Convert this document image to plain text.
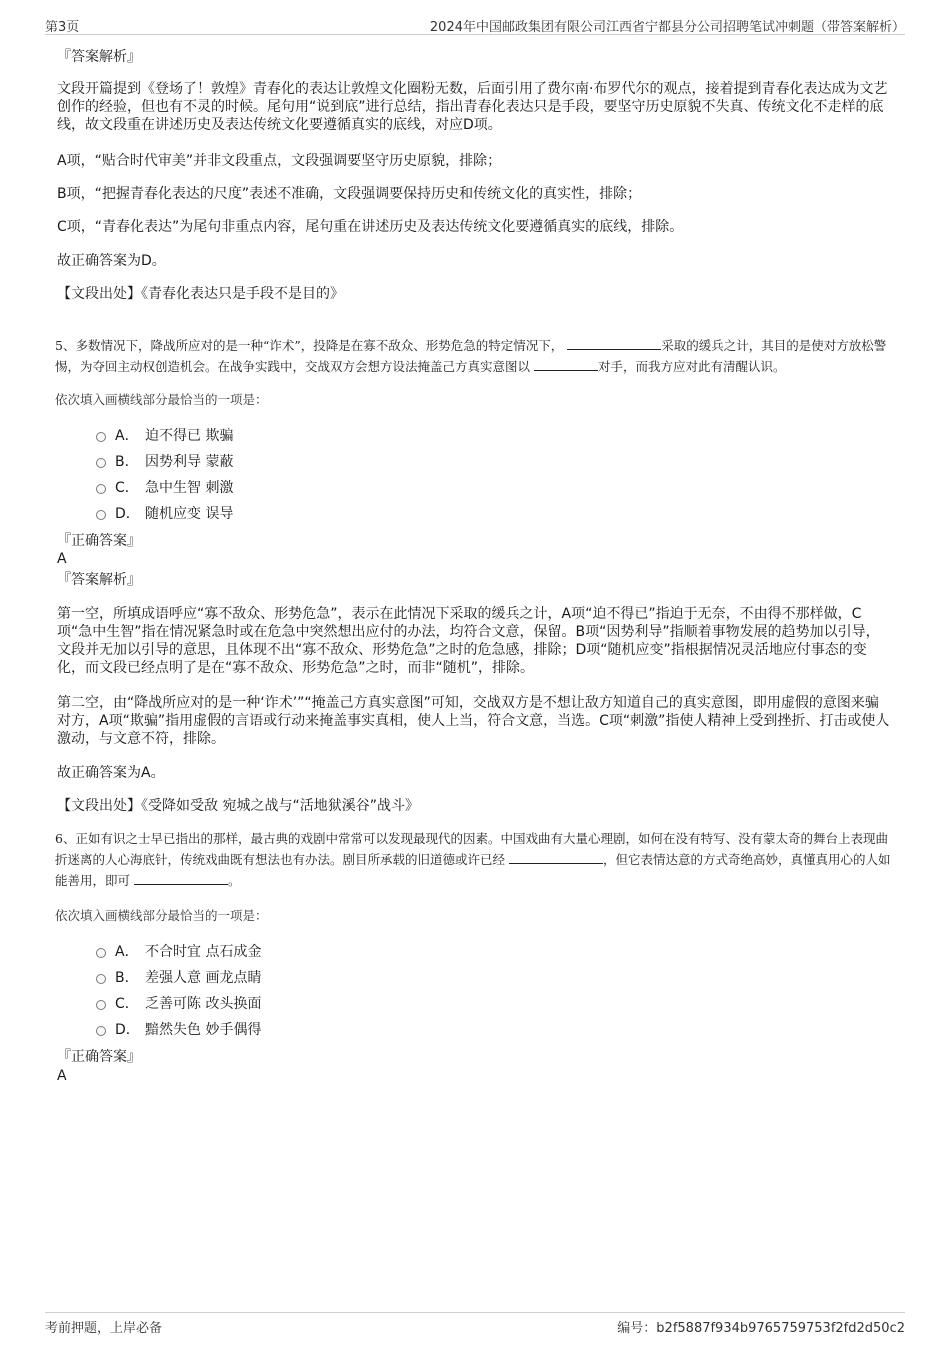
第3页	2024年中国邮政集团有限公司江西省宁都县分公司招聘笔试冲刺题（带答案解析）
『答案解析』
文段开篇提到《登场了！敦煌》青春化的表达让敦煌文化圈粉无数，后面引用了费尔南·布罗代尔的观点，接着提到青春化表达成为文艺创作的经验，但也有不灵的时候。尾句用“说到底”进行总结，指出青春化表达只是手段，要坚守历史原貌不失真、传统文化不走样的底线，故文段重在讲述历史及表达传统文化要遵循真实的底线，对应D项。
A项，“贴合时代审美”并非文段重点，文段强调要坚守历史原貌，排除；
B项，“把握青春化表达的尺度”表述不准确，文段强调要保持历史和传统文化的真实性，排除；
C项，“青春化表达”为尾句非重点内容，尾句重在讲述历史及表达传统文化要遵循真实的底线，排除。
故正确答案为D。
【文段出处】《青春化表达只是手段不是目的》
5、多数情况下，降战所应对的是一种“诈术”，投降是在寡不敌众、形势危急的特定情况下，	采取的缓兵之计，其目的是使对方放松警惕，为夺回主动权创造机会。在战争实践中，交战双方会想方设法掩盖己方真实意图以	对手，而我方应对此有清醒认识。
依次填入画横线部分最恰当的一项是：
A． 迫不得已 欺骗
B． 因势利导 蒙蔽
C． 急中生智 刺激
D． 随机应变 误导
『正确答案』
A
『答案解析』
第一空，所填成语呼应“寡不敌众、形势危急”，表示在此情况下采取的缓兵之计，A项“迫不得已”指迫于无奈，不由得不那样做，C项“急中生智”指在情况紧急时或在危急中突然想出应付的办法，均符合文意，保留。B项“因势利导”指顺着事物发展的趋势加以引导，文段并无加以引导的意思，且体现不出“寡不敌众、形势危急”之时的危急感，排除；D项“随机应变”指根据情况灵活地应付事态的变化，而文段已经点明了是在“寡不敌众、形势危急”之时，而非“随机”，排除。
第二空，由“降战所应对的是一种‘诈术’”“掩盖己方真实意图”可知，交战双方是不想让敌方知道自己的真实意图，即用虚假的意图来骗对方，A项“欺骗”指用虚假的言语或行动来掩盖事实真相，使人上当，符合文意，当选。C项“刺激”指使人精神上受到挫折、打击或使人激动，与文意不符，排除。
故正确答案为A。
【文段出处】《受降如受敌 宛城之战与“活地狱溪谷”战斗》
6、正如有识之士早已指出的那样，最古典的戏剧中常常可以发现最现代的因素。中国戏曲有大量心理剧，如何在没有特写、没有蒙太奇的舞台上表现曲折迷离的人心海底针，传统戏曲既有想法也有办法。剧目所承载的旧道德或许已经	，但它表情达意的方式奇绝高妙，真懂真用心的人如能善用，即可	。
依次填入画横线部分最恰当的一项是：
A． 不合时宜 点石成金
B． 差强人意 画龙点睛
C． 乏善可陈 改头换面
D． 黯然失色 妙手偶得
『正确答案』
A
考前押题，上岸必备	编号：b2f5887f934b9765759753f2fd2d50c2
